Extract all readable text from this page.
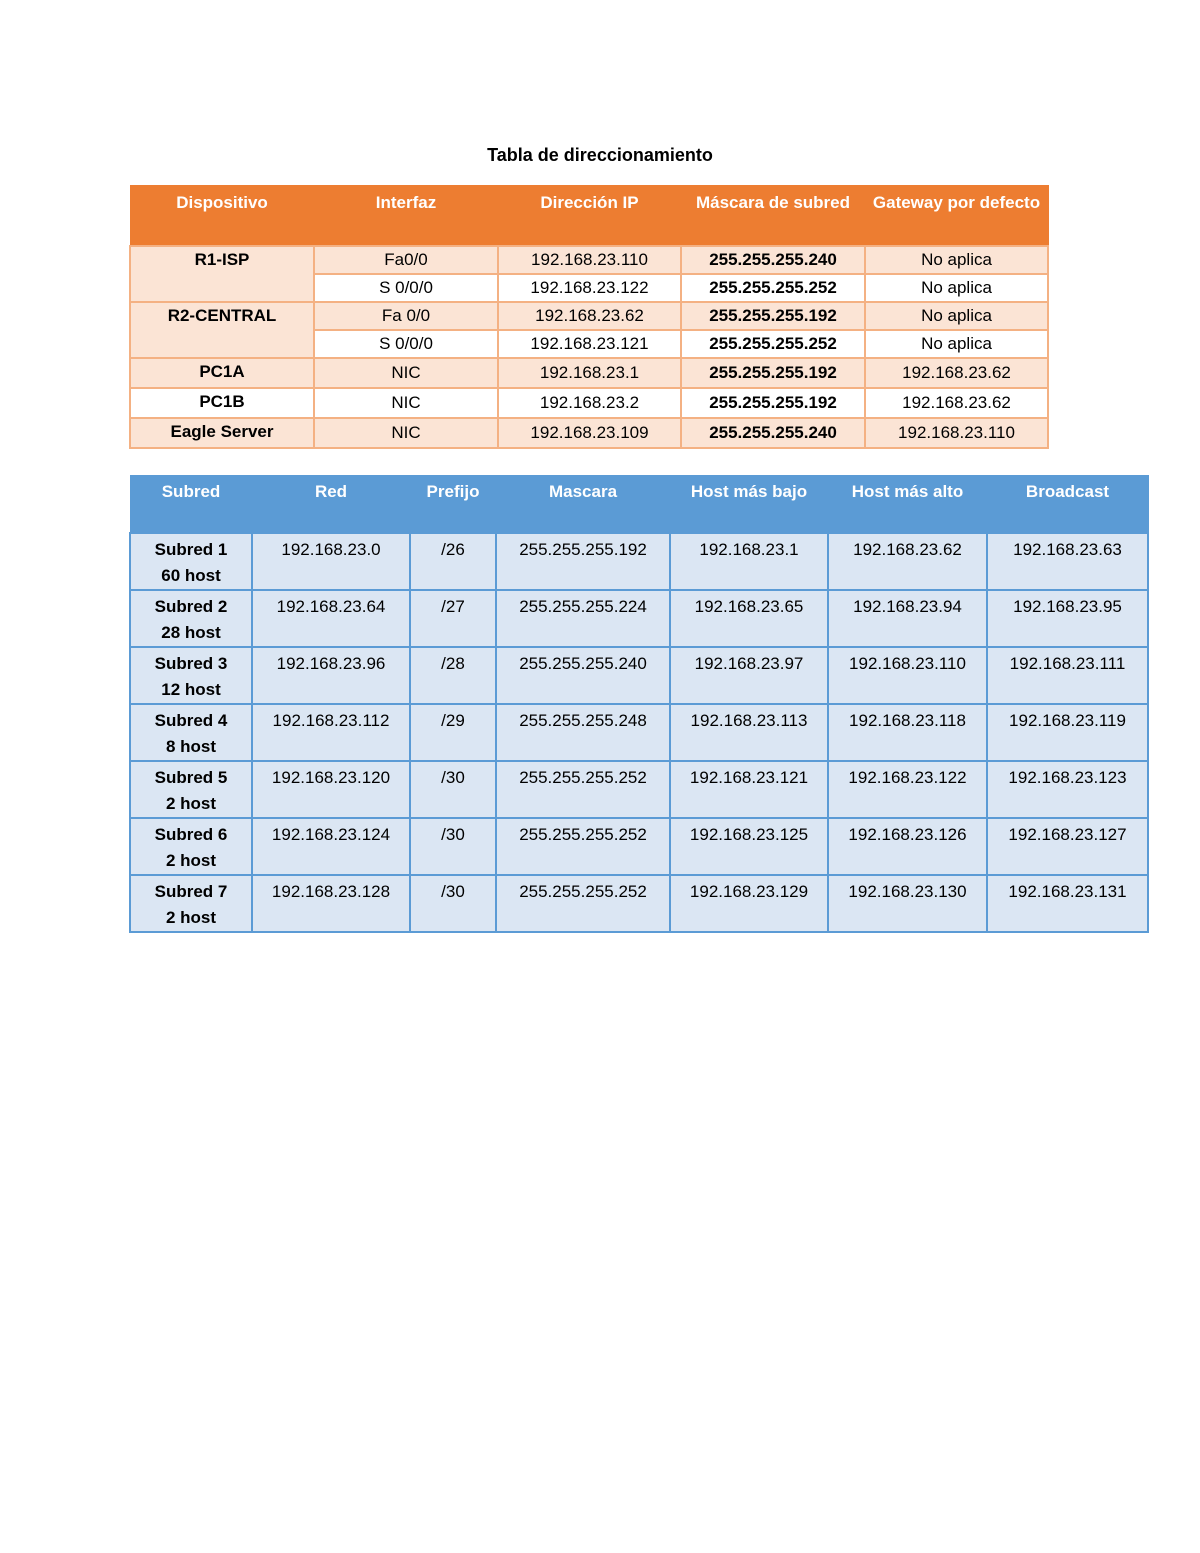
Tabla de direccionamiento
Dispositivo	Interfaz	Dirección IP	Máscara de subred	Gateway por defecto
R1-ISP	Fa0/0	192.168.23.110	255.255.255.240	No aplica
	S 0/0/0	192.168.23.122	255.255.255.252	No aplica
R2-CENTRAL	Fa 0/0	192.168.23.62	255.255.255.192	No aplica
	S 0/0/0	192.168.23.121	255.255.255.252	No aplica
PC1A	NIC	192.168.23.1	255.255.255.192	192.168.23.62
PC1B	NIC	192.168.23.2	255.255.255.192	192.168.23.62
Eagle Server	NIC	192.168.23.109	255.255.255.240	192.168.23.110
Subred	Red	Prefijo	Mascara	Host más bajo	Host más alto	Broadcast

Subred 1
60 host	192.168.23.0	/26	255.255.255.192	192.168.23.1	192.168.23.62	192.168.23.63

Subred 2
28 host	192.168.23.64	/27	255.255.255.224	192.168.23.65	192.168.23.94	192.168.23.95

Subred 3
12 host	192.168.23.96	/28	255.255.255.240	192.168.23.97	192.168.23.110	192.168.23.111

Subred 4
8 host	192.168.23.112	/29	255.255.255.248	192.168.23.113	192.168.23.118	192.168.23.119

Subred 5
2 host	192.168.23.120	/30	255.255.255.252	192.168.23.121	192.168.23.122	192.168.23.123

Subred 6
2 host	192.168.23.124	/30	255.255.255.252	192.168.23.125	192.168.23.126	192.168.23.127

Subred 7
2 host	192.168.23.128	/30	255.255.255.252	192.168.23.129	192.168.23.130	192.168.23.131
